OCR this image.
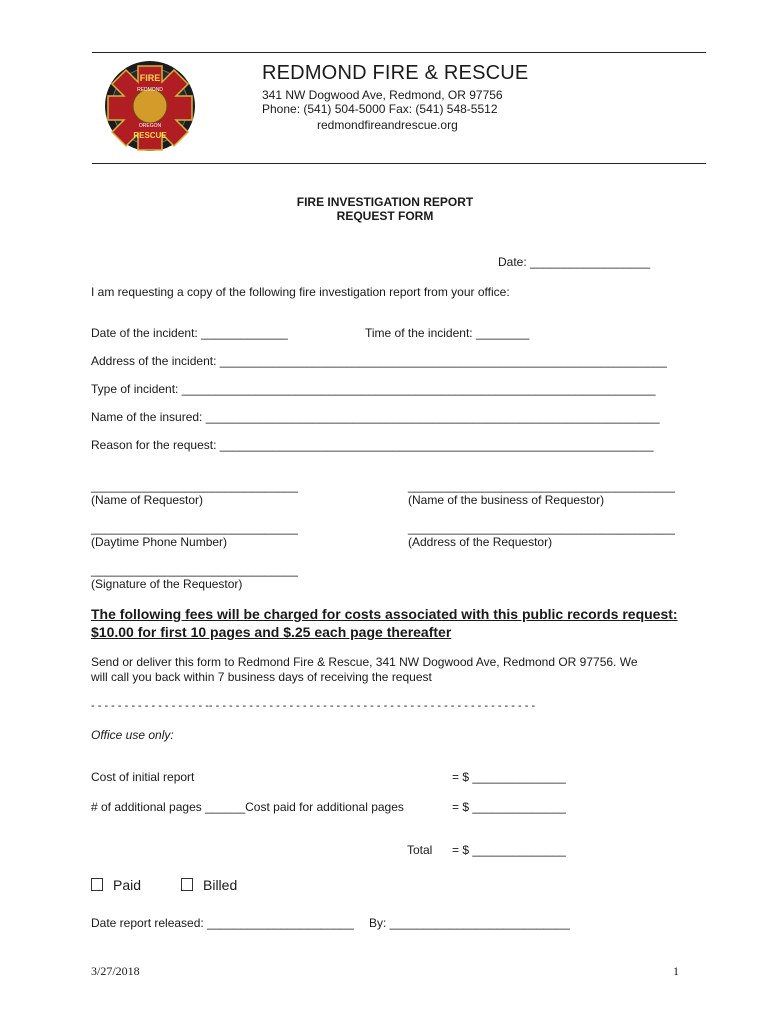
FIRE
REDMOND
OREGON
RESCUE
REDMOND FIRE & RESCUE
341 NW Dogwood Ave, Redmond, OR 97756
Phone: (541) 504-5000 Fax: (541) 548-5512
redmondfireandrescue.org
FIRE INVESTIGATION REPORT
REQUEST FORM
Date: __________________
I am requesting a copy of the following fire investigation report from your office:
Date of the incident: _____________	Time of the incident: ________
Address of the incident: ___________________________________________________________________
Type of incident: _______________________________________________________________________
Name of the insured: ____________________________________________________________________
Reason for the request: _________________________________________________________________
_______________________________	________________________________________
(Name of Requestor)	(Name of the business of Requestor)
_______________________________	________________________________________
(Daytime Phone Number)	(Address of the Requestor)
_______________________________
(Signature of the Requestor)
The following fees will be charged for costs associated with this public records request:
$10.00 for first 10 pages and $.25 each page thereafter
Send or deliver this form to Redmond Fire & Rescue, 341 NW Dogwood Ave, Redmond OR 97756. We
will call you back within 7 business days of receiving the request
- - - - - - - - - - - - - - - - - -- - - - - - - - - - - - - - - - - - - - - - - - - - - - - - - - - - - - - - - - - - - - - - - - -
Office use only:
Cost of initial report	= $ ______________
# of additional pages ______Cost paid for additional pages	= $ ______________
Total = $ ______________
Paid	Billed
Date report released: ______________________ By: ___________________________
3/27/2018	1
